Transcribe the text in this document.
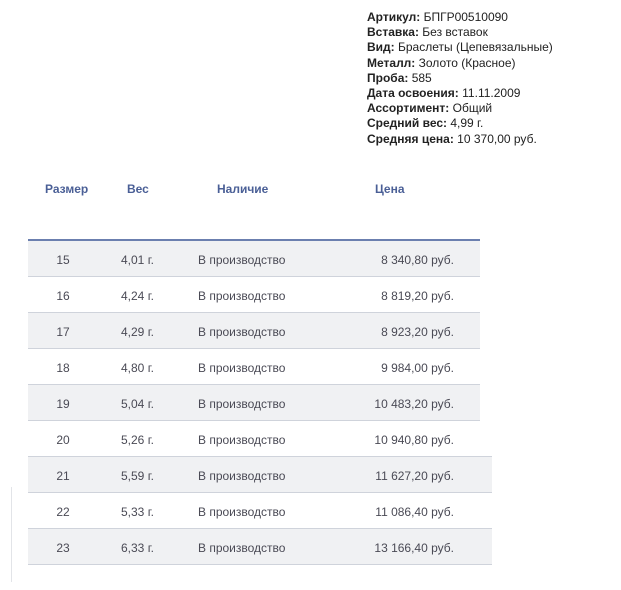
Артикул: БПГР00510090
Вставка: Без вставок
Вид: Браслеты (Цепевязальные)
Металл: Золото (Красное)
Проба: 585
Дата освоения: 11.11.2009
Ассортимент: Общий
Средний вес: 4,99 г.
Средняя цена: 10 370,00 руб.
Размер	Вес	Наличие	Цена
15	4,01 г.	В производство	8 340,80 руб.
16	4,24 г.	В производство	8 819,20 руб.
17	4,29 г.	В производство	8 923,20 руб.
18	4,80 г.	В производство	9 984,00 руб.
19	5,04 г.	В производство	10 483,20 руб.
20	5,26 г.	В производство	10 940,80 руб.
21	5,59 г.	В производство	11 627,20 руб.
22	5,33 г.	В производство	11 086,40 руб.
23	6,33 г.	В производство	13 166,40 руб.
